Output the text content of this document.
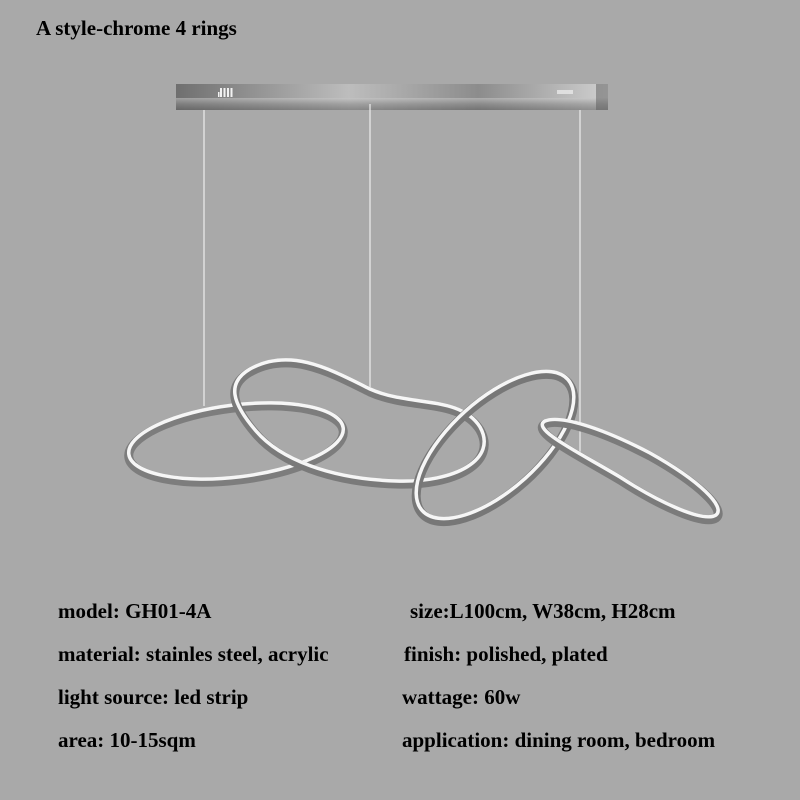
A style-chrome 4 rings
model: GH01-4A	size:L100cm, W38cm, H28cm
material: stainles steel, acrylic	finish: polished, plated
light source: led strip	wattage: 60w
area: 10-15sqm	application: dining room, bedroom
